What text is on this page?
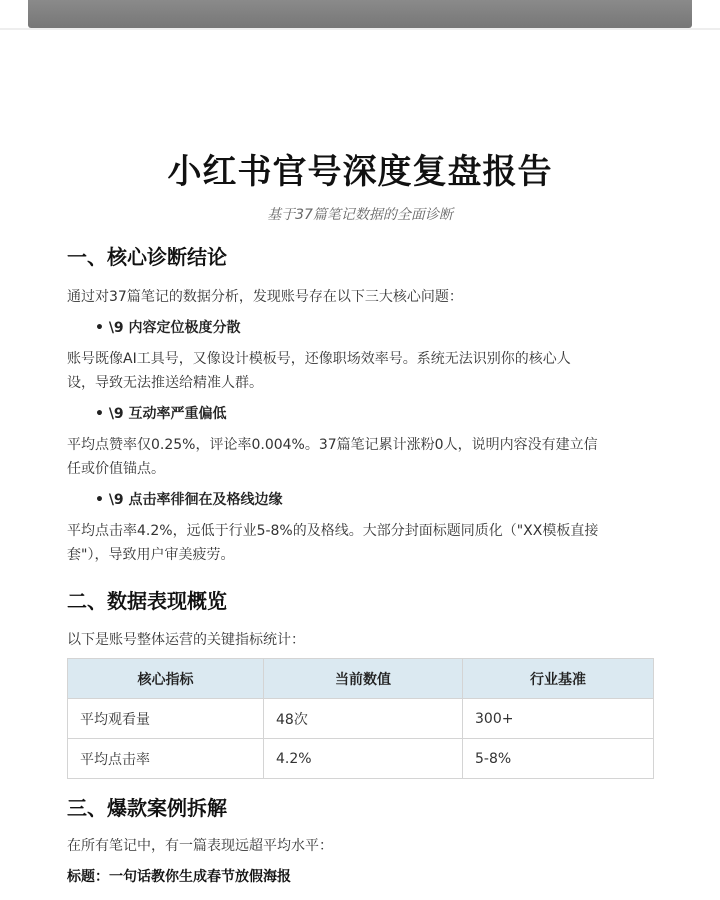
小红书官号深度复盘报告
基于37篇笔记数据的全面诊断
一、核心诊断结论
通过对37篇笔记的数据分析，发现账号存在以下三大核心问题：
• \9 内容定位极度分散
账号既像AI工具号，又像设计模板号，还像职场效率号。系统无法识别你的核心人
设，导致无法推送给精准人群。
• \9 互动率严重偏低
平均点赞率仅0.25%，评论率0.004%。37篇笔记累计涨粉0人，说明内容没有建立信
任或价值锚点。
• \9 点击率徘徊在及格线边缘
平均点击率4.2%，远低于行业5-8%的及格线。大部分封面标题同质化（"XX模板直接
套"），导致用户审美疲劳。
二、数据表现概览
以下是账号整体运营的关键指标统计：
核心指标	当前数值	行业基准
平均观看量	48次	300+
平均点击率	4.2%	5-8%
三、爆款案例拆解
在所有笔记中，有一篇表现远超平均水平：
标题：一句话教你生成春节放假海报
